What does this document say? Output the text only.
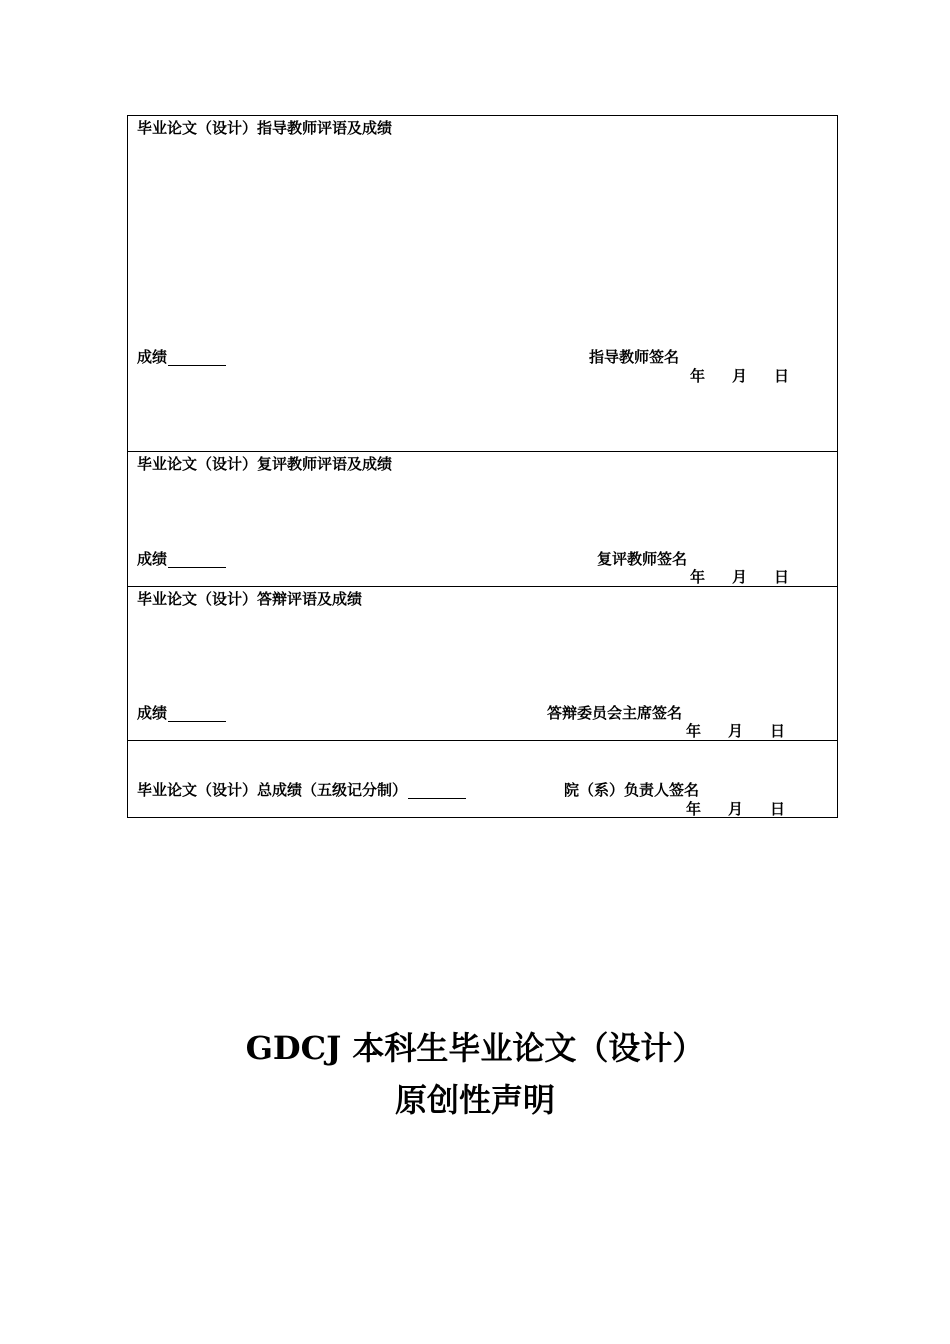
毕业论文（设计）指导教师评语及成绩
成绩	指导教师签名
年 月 日
毕业论文（设计）复评教师评语及成绩
成绩	复评教师签名
年 月 日
毕业论文（设计）答辩评语及成绩
成绩	答辩委员会主席签名
年 月 日
毕业论文（设计）总成绩（五级记分制）	院（系）负责人签名
年 月 日
GDCJ 本科生毕业论文（设计）
原创性声明
